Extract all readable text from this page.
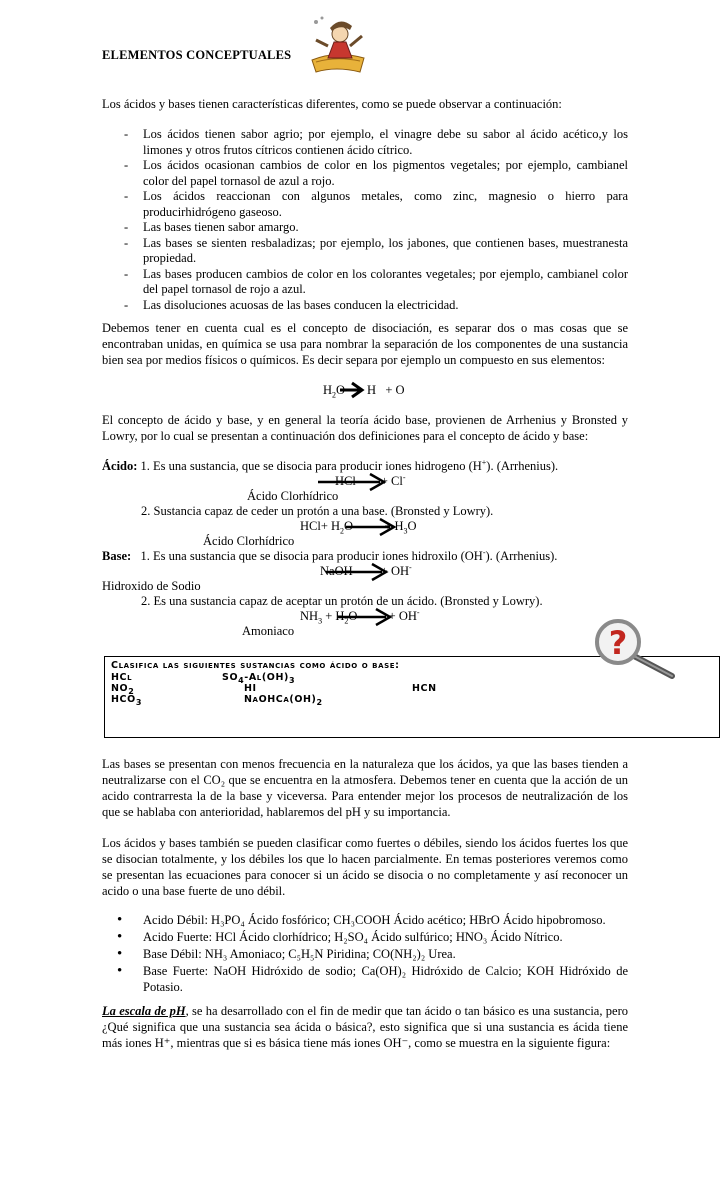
ELEMENTOS CONCEPTUALES
Los ácidos y bases tienen características diferentes, como se puede observar a continuación:
- Los ácidos tienen sabor agrio; por ejemplo, el vinagre debe su sabor al ácido acético,y los limones y otros frutos cítricos contienen ácido cítrico.
- Los ácidos ocasionan cambios de color en los pigmentos vegetales; por ejemplo, cambianel color del papel tornasol de azul a rojo.
- Los ácidos reaccionan con algunos metales, como zinc, magnesio o hierro para producirhidrógeno gaseoso.
- Las bases tienen sabor amargo.
- Las bases se sienten resbaladizas; por ejemplo, los jabones, que contienen bases, muestranesta propiedad.
- Las bases producen cambios de color en los colorantes vegetales; por ejemplo, cambianel color del papel tornasol de rojo a azul.
- Las disoluciones acuosas de las bases conducen la electricidad.
Debemos tener en cuenta cual es el concepto de disociación, es separar dos o mas cosas que se encontraban unidas, en química se usa para nombrar la separación de los componentes de una sustancia bien sea por medios físicos o químicos. Es decir separa por ejemplo un compuesto en sus elementos:
$H_2O$ H + O
El concepto de ácido y base, y en general la teoría ácido base, provienen de Arrhenius y Bronsted y Lowry, por lo cual se presentan a continuación dos definiciones para el concepto de ácido y base:
Ácido: 1. Es una sustancia, que se disocia para producir iones hidrogeno (H+). (Arrhenius).
HCl + Cl-
Ácido Clorhídrico
2. Sustancia capaz de ceder un protón a una base. (Bronsted y Lowry).
$HCl+ H_2O$	+ $H_3O$
Ácido Clorhídrico
Base: 1. Es una sustancia que se disocia para producir iones hidroxilo (OH-). (Arrhenius).
NaOH + OH-
Hidroxido de Sodio
2. Es una sustancia capaz de aceptar un protón de un ácido. (Bronsted y Lowry).
$NH_3 + H_2O$	+ OH-
Amoniaco
Clasifica las siguientes sustancias como ácido o base:
HCl
$NO_2$
$HCO_3$
$SO_4-Al(OH)_3$
HI
$NaOHCa(OH)_2$
HCN
?
Las bases se presentan con menos frecuencia en la naturaleza que los ácidos, ya que las bases tienden a neutralizarse con el CO₂ que se encuentra en la atmosfera. Debemos tener en cuenta que la acción de un acido contrarresta la de la base y viceversa. Para entender mejor los procesos de neutralización de los que se hablaba con anterioridad, hablaremos del pH y su importancia.
Los ácidos y bases también se pueden clasificar como fuertes o débiles, siendo los ácidos fuertes los que se disocian totalmente, y los débiles los que lo hacen parcialmente. En temas posteriores veremos como se presentan las ecuaciones para conocer si un ácido se disocia o no completamente y así reconocer un acido o una base fuerte de uno débil.
• Acido Débil: H₃PO₄ Ácido fosfórico; CH₃COOH Ácido acético; HBrO Ácido hipobromoso.
• Acido Fuerte: HCl Ácido clorhídrico; H₂SO₄ Ácido sulfúrico; HNO₃ Ácido Nítrico.
• Base Débil: NH₃ Amoniaco; C₅H₅N Piridina; CO(NH₂)₂ Urea.
• Base Fuerte: NaOH Hidróxido de sodio; Ca(OH)₂ Hidróxido de Calcio; KOH Hidróxido de Potasio.
La escala de pH, se ha desarrollado con el fin de medir que tan ácido o tan básico es una sustancia, pero ¿Qué significa que una sustancia sea ácida o básica?, esto significa que si una sustancia es ácida tiene más iones H⁺, mientras que si es básica tiene más iones OH⁻, como se muestra en la siguiente figura:
